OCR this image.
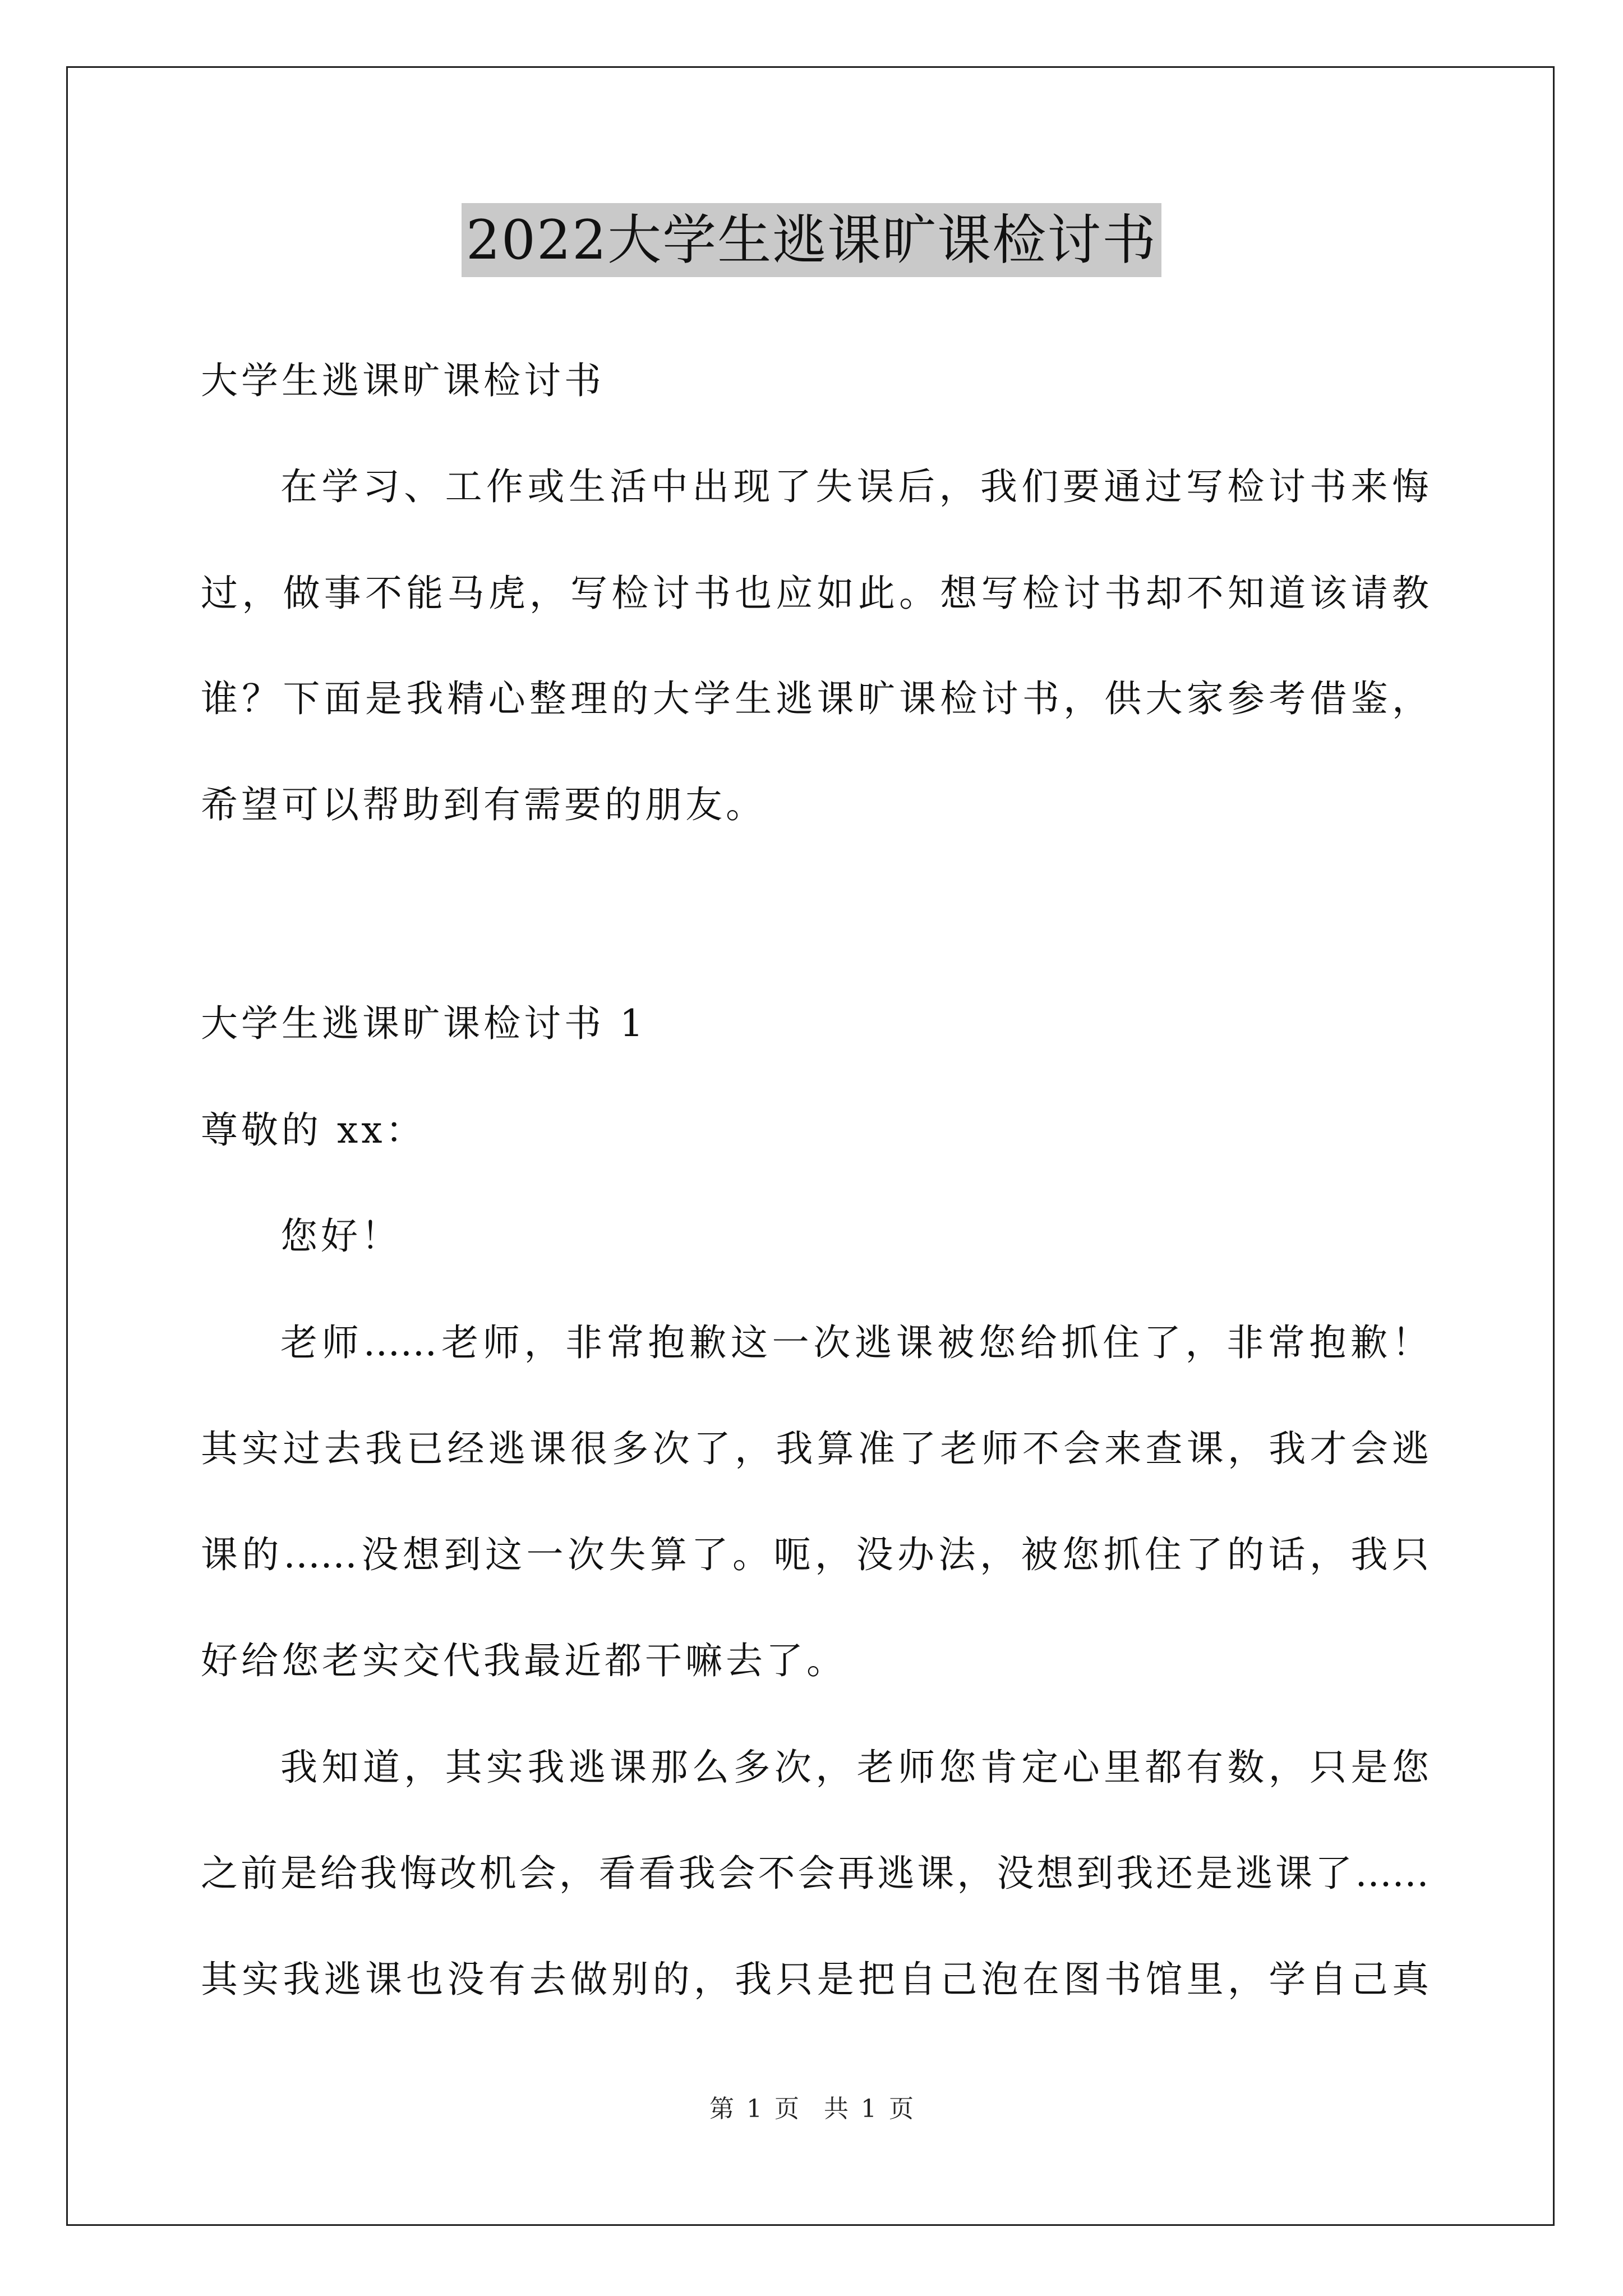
2022大学生逃课旷课检讨书
大学生逃课旷课检讨书
在学习、工作或生活中出现了失误后，我们要通过写检讨书来悔
过，做事不能马虎，写检讨书也应如此。想写检讨书却不知道该请教
谁？下面是我精心整理的大学生逃课旷课检讨书，供大家参考借鉴，
希望可以帮助到有需要的朋友。
大学生逃课旷课检讨书 1
尊敬的 xx：
您好！
老师……老师，非常抱歉这一次逃课被您给抓住了，非常抱歉！
其实过去我已经逃课很多次了，我算准了老师不会来查课，我才会逃
课的……没想到这一次失算了。呃，没办法，被您抓住了的话，我只
好给您老实交代我最近都干嘛去了。
我知道，其实我逃课那么多次，老师您肯定心里都有数，只是您
之前是给我悔改机会，看看我会不会再逃课，没想到我还是逃课了……
其实我逃课也没有去做别的，我只是把自己泡在图书馆里，学自己真
第 1 页　共 1 页
